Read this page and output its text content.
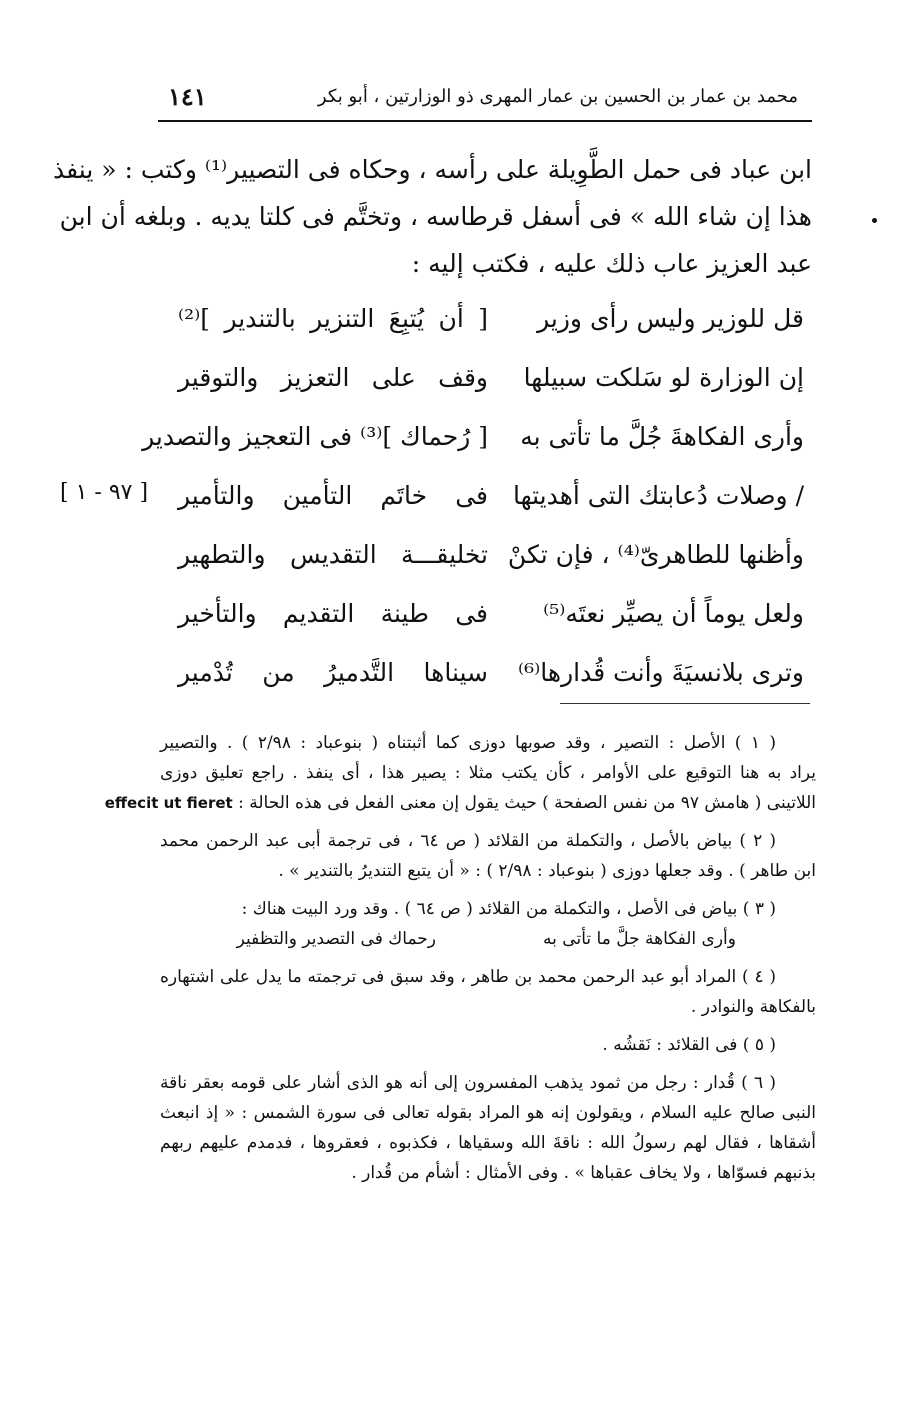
محمد بن عمار بن الحسين بن عمار المهرى ذو الوزارتين ، أبو بكر
١٤١
ابن عباد فى حمل الطَّوِيلة على رأسه ، وحكاه فى التصيير⁽¹⁾ وكتب : « ينفذ
هذا إن شاء الله » فى أسفل قرطاسه ، وتختَّم فى كلتا يديه . وبلغه أن ابن
عبد العزيز عاب ذلك عليه ، فكتب إليه :
قل للوزير وليس رأى وزير
[ أن يُتبِعَ التنزير بالتندير ]⁽²⁾
إن الوزارة لو سَلكت سبيلها
وقف على التعزيز والتوقير
وأرى الفكاهةَ جُلَّ ما تأتى به
[ رُحماك ]⁽³⁾ فى التعجيز والتصدير
/ وصلات دُعابتك التى أهديتها
فى خاتَم التأمين والتأمير
وأظنها للطاهرىّ⁽⁴⁾ ، فإن تكنْ
تخليقـــة التقديس والتطهير
ولعل يوماً أن يصيِّر نعتَه⁽⁵⁾
فى طينة التقديم والتأخير
وترى بلانسيَةَ وأنت قُدارها⁽⁶⁾
سيناها التَّدميرُ من تُدْمير
[ ٩٧ - ١ ]
( ١ ) الأصل : التصير ، وقد صوبها دوزى كما أثبتناه ( بنوعباد : ٢/٩٨ ) . والتصيير
يراد به هنا التوقيع على الأوامر ، كأن يكتب مثلا : يصير هذا ، أى ينفذ . راجع تعليق دوزى
اللاتينى ( هامش ٩٧ من نفس الصفحة ) حيث يقول إن معنى الفعل فى هذه الحالة : effecit ut fieret
( ٢ ) بياض بالأصل ، والتكملة من القلائد ( ص ٦٤ ، فى ترجمة أبى عبد الرحمن محمد
ابن طاهر ) . وقد جعلها دوزى ( بنوعباد : ٢/٩٨ ) : « أن يتبع التنديرُ بالتندير » .
( ٣ ) بياض فى الأصل ، والتكملة من القلائد ( ص ٦٤ ) . وقد ورد البيت هناك :
وأرى الفكاهة جلَّ ما تأتى به
رحماك فى التصدير والتظفير
( ٤ ) المراد أبو عبد الرحمن محمد بن طاهر ، وقد سبق فى ترجمته ما يدل على اشتهاره
بالفكاهة والنوادر .
( ٥ ) فى القلائد : نَقشُه .
( ٦ ) قُدار : رجل من ثمود يذهب المفسرون إلى أنه هو الذى أشار على قومه بعقر ناقة
النبى صالح عليه السلام ، ويقولون إنه هو المراد بقوله تعالى فى سورة الشمس : « إذ انبعث
أشقاها ، فقال لهم رسولُ الله : ناقةَ الله وسقياها ، فكذبوه ، فعقروها ، فدمدم عليهم ربهم
بذنبهم فسوّاها ، ولا يخاف عقباها » . وفى الأمثال : أشأم من قُدار .
